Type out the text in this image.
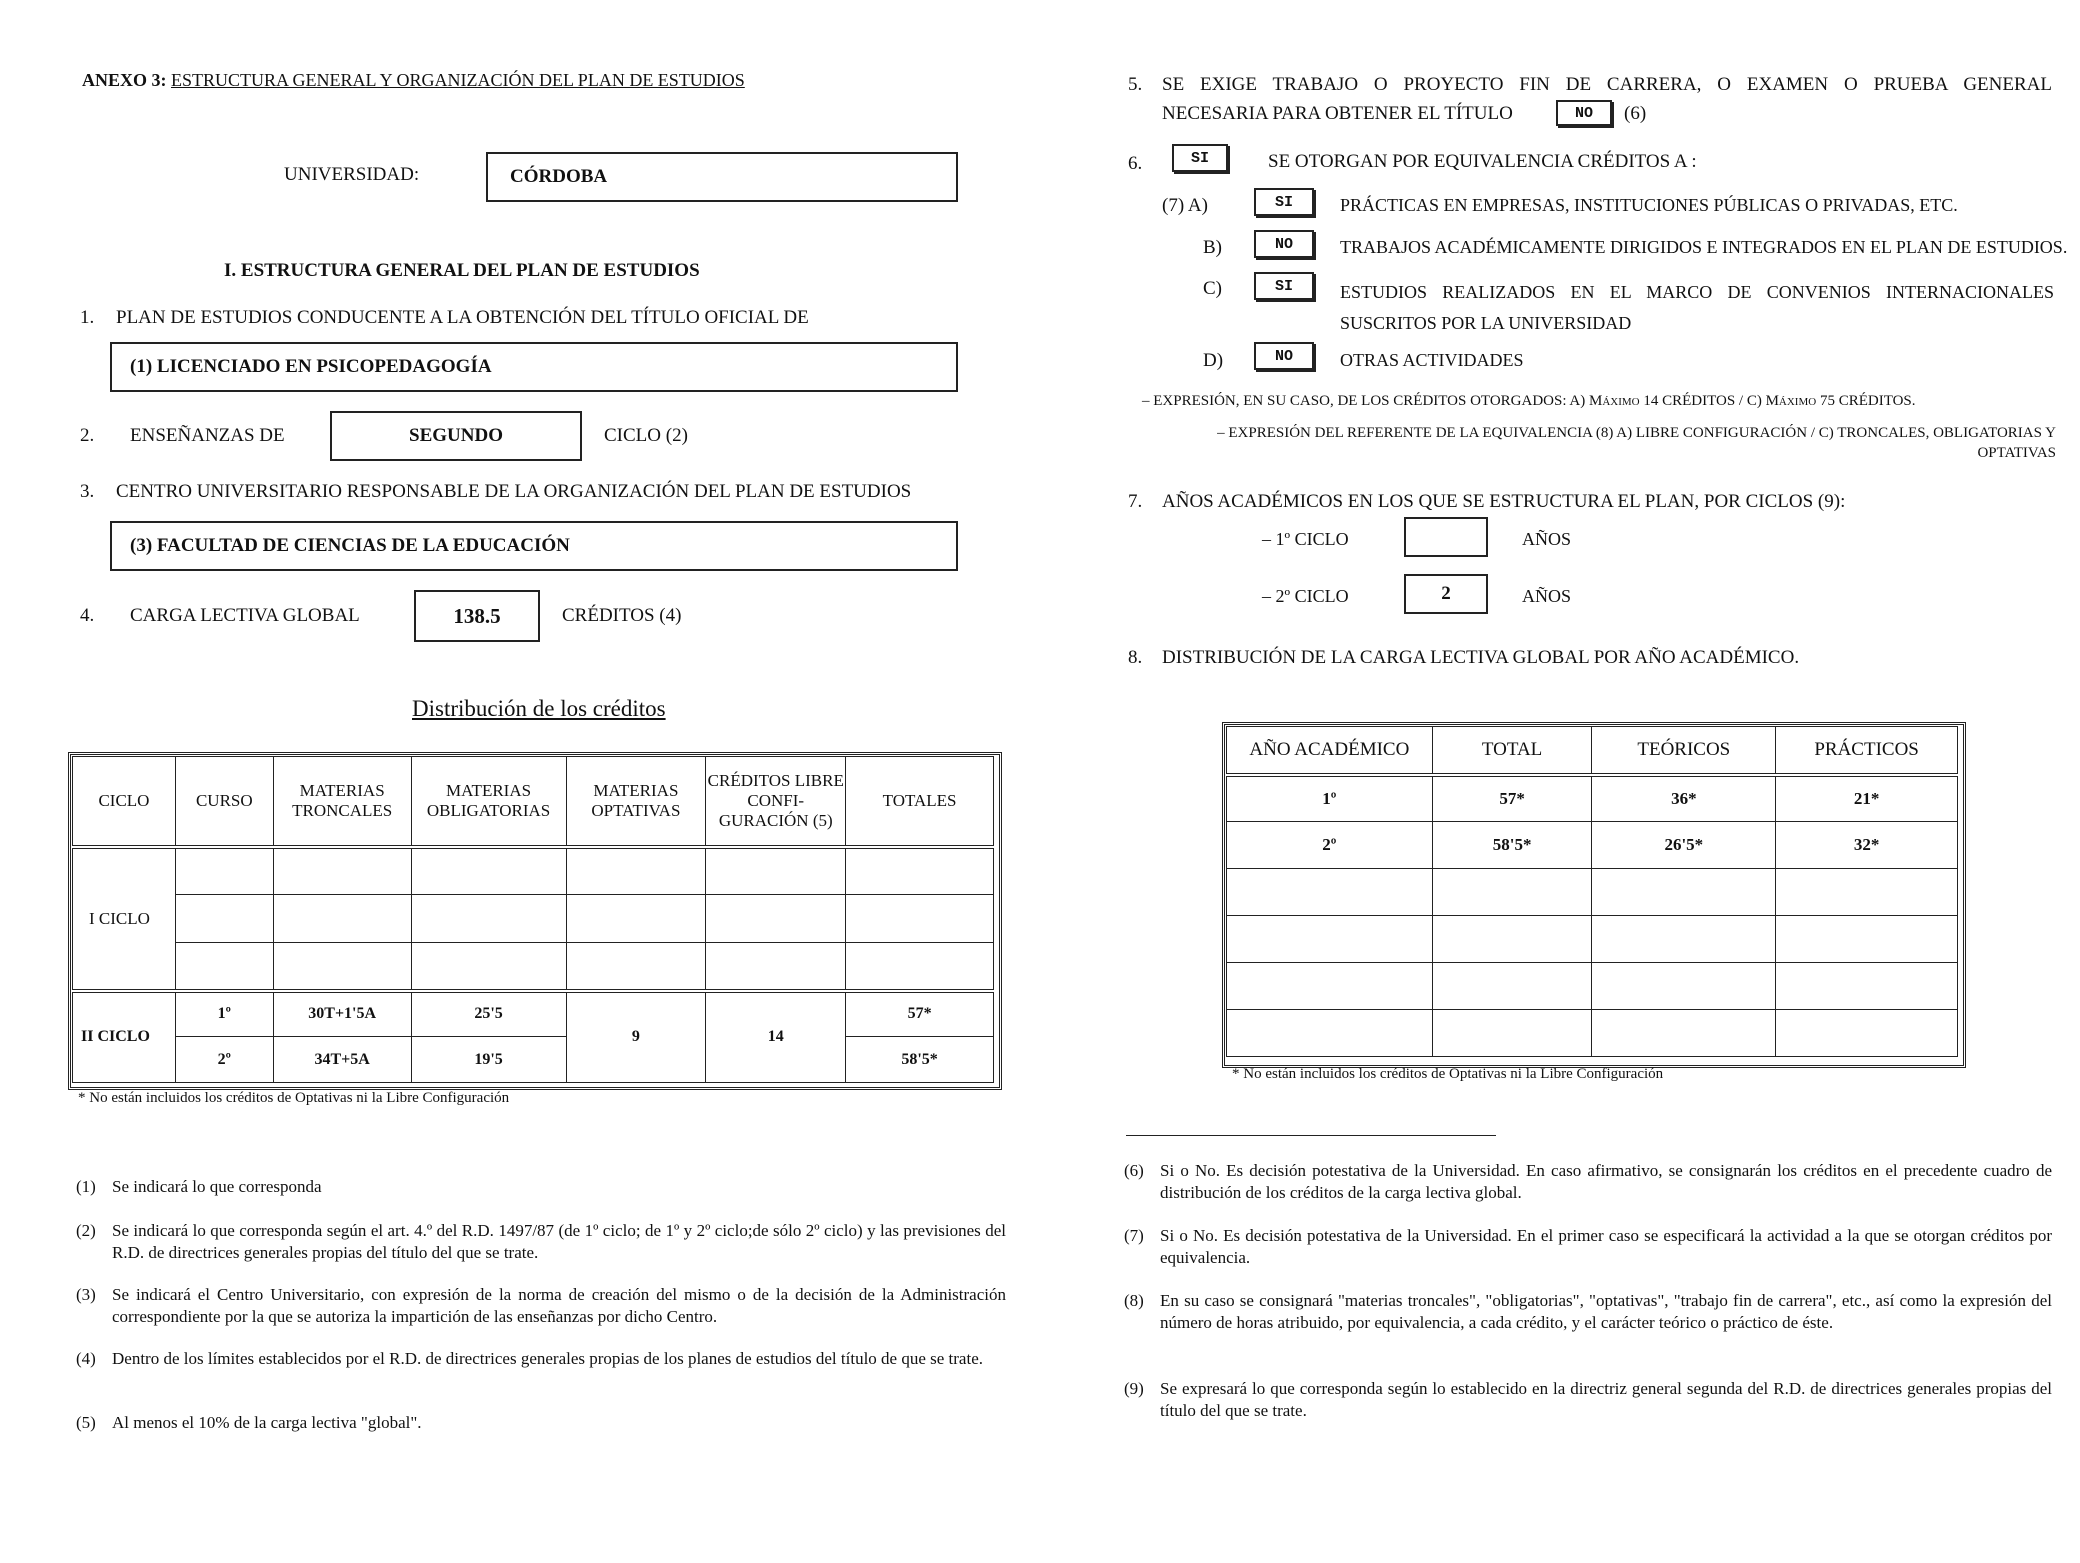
ANEXO 3: ESTRUCTURA GENERAL Y ORGANIZACIÓN DEL PLAN DE ESTUDIOS
UNIVERSIDAD:	CÓRDOBA
I. ESTRUCTURA GENERAL DEL PLAN DE ESTUDIOS
1. PLAN DE ESTUDIOS CONDUCENTE A LA OBTENCIÓN DEL TÍTULO OFICIAL DE
(1) LICENCIADO EN PSICOPEDAGOGÍA
2. ENSEÑANZAS DE	SEGUNDO	CICLO (2)
3. CENTRO UNIVERSITARIO RESPONSABLE DE LA ORGANIZACIÓN DEL PLAN DE ESTUDIOS
(3) FACULTAD DE CIENCIAS DE LA EDUCACIÓN
4. CARGA LECTIVA GLOBAL	138.5	CRÉDITOS (4)
Distribución de los créditos
CICLO	CURSO	MATERIAS TRONCALES	MATERIAS OBLIGATORIAS	MATERIAS OPTATIVAS	CRÉDITOS LIBRE CONFI- GURACIÓN (5)	TOTALES
I CICLO						

II CICLO	1º	30T+1'5A	25'5	9	14	57*
	2º	34T+5A	19'5			58'5*
* No están incluidos los créditos de Optativas ni la Libre Configuración
(1) Se indicará lo que corresponda
(2) Se indicará lo que corresponda según el art. 4.º del R.D. 1497/87 (de 1º ciclo; de 1º y 2º ciclo;de sólo 2º ciclo) y las previsiones del R.D. de directrices generales propias del título del que se trate.
(3) Se indicará el Centro Universitario, con expresión de la norma de creación del mismo o de la decisión de la Administración correspondiente por la que se autoriza la impartición de las enseñanzas por dicho Centro.
(4) Dentro de los límites establecidos por el R.D. de directrices generales propias de los planes de estudios del título de que se trate.
(5) Al menos el 10% de la carga lectiva "global".
5. SE EXIGE TRABAJO O PROYECTO FIN DE CARRERA, O EXAMEN O PRUEBA GENERAL
NECESARIA PARA OBTENER EL TÍTULO	NO (6)
6.	SI	SE OTORGAN POR EQUIVALENCIA CRÉDITOS A :
(7) A)	SI	PRÁCTICAS EN EMPRESAS, INSTITUCIONES PÚBLICAS O PRIVADAS, ETC.
B)	NO	TRABAJOS ACADÉMICAMENTE DIRIGIDOS E INTEGRADOS EN EL PLAN DE ESTUDIOS.
C)	SI	ESTUDIOS REALIZADOS EN EL MARCO DE CONVENIOS INTERNACIONALES SUSCRITOS POR LA UNIVERSIDAD
D)	NO	OTRAS ACTIVIDADES
– EXPRESIÓN, EN SU CASO, DE LOS CRÉDITOS OTORGADOS: A) Máximo 14 CRÉDITOS / C) Máximo 75 CRÉDITOS.
– EXPRESIÓN DEL REFERENTE DE LA EQUIVALENCIA (8) A) LIBRE CONFIGURACIÓN / C) TRONCALES, OBLIGATORIAS Y OPTATIVAS
7. AÑOS ACADÉMICOS EN LOS QUE SE ESTRUCTURA EL PLAN, POR CICLOS (9):
– 1º CICLO	AÑOS
– 2º CICLO	2	AÑOS
8. DISTRIBUCIÓN DE LA CARGA LECTIVA GLOBAL POR AÑO ACADÉMICO.
AÑO ACADÉMICO	TOTAL	TEÓRICOS	PRÁCTICOS
1º	57*	36*	21*
2º	58'5*	26'5*	32*

* No están incluidos los créditos de Optativas ni la Libre Configuración
(6) Si o No. Es decisión potestativa de la Universidad. En caso afirmativo, se consignarán los créditos en el precedente cuadro de distribución de los créditos de la carga lectiva global.
(7) Si o No. Es decisión potestativa de la Universidad. En el primer caso se especificará la actividad a la que se otorgan créditos por equivalencia.
(8) En su caso se consignará "materias troncales", "obligatorias", "optativas", "trabajo fin de carrera", etc., así como la expresión del número de horas atribuido, por equivalencia, a cada crédito, y el carácter teórico o práctico de éste.
(9) Se expresará lo que corresponda según lo establecido en la directriz general segunda del R.D. de directrices generales propias del título del que se trate.
